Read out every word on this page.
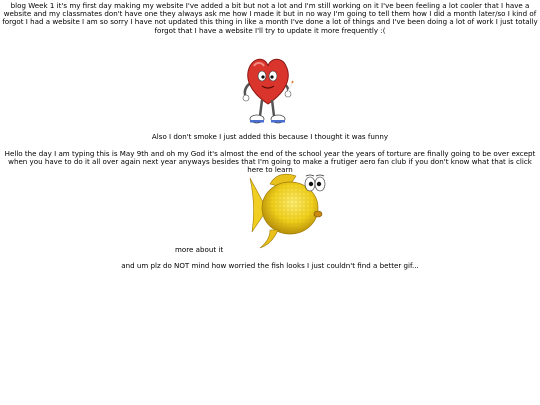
blog Week 1 it's my first day making my website I've added a bit but not a lot and I'm still working on it I've been feeling a lot cooler that I have a website and my classmates don't have one they always ask me how I made it but in no way I'm going to tell them how I did a month later/so I kind of forgot I had a website I am so sorry I have not updated this thing in like a month I've done a lot of things and I've been doing a lot of work I just totally forgot that I have a website I'll try to update it more frequently :(

Also I don't smoke I just added this because I thought it was funny

Hello the day I am typing this is May 9th and oh my God it's almost the end of the school year the years of torture are finally going to be over except when you have to do it all over again next year anyways besides that I'm going to make a frutiger aero fan club if you don't know what that is click here to learn

more about it

and um plz do NOT mind how worried the fish looks I just couldn't find a better gif...
